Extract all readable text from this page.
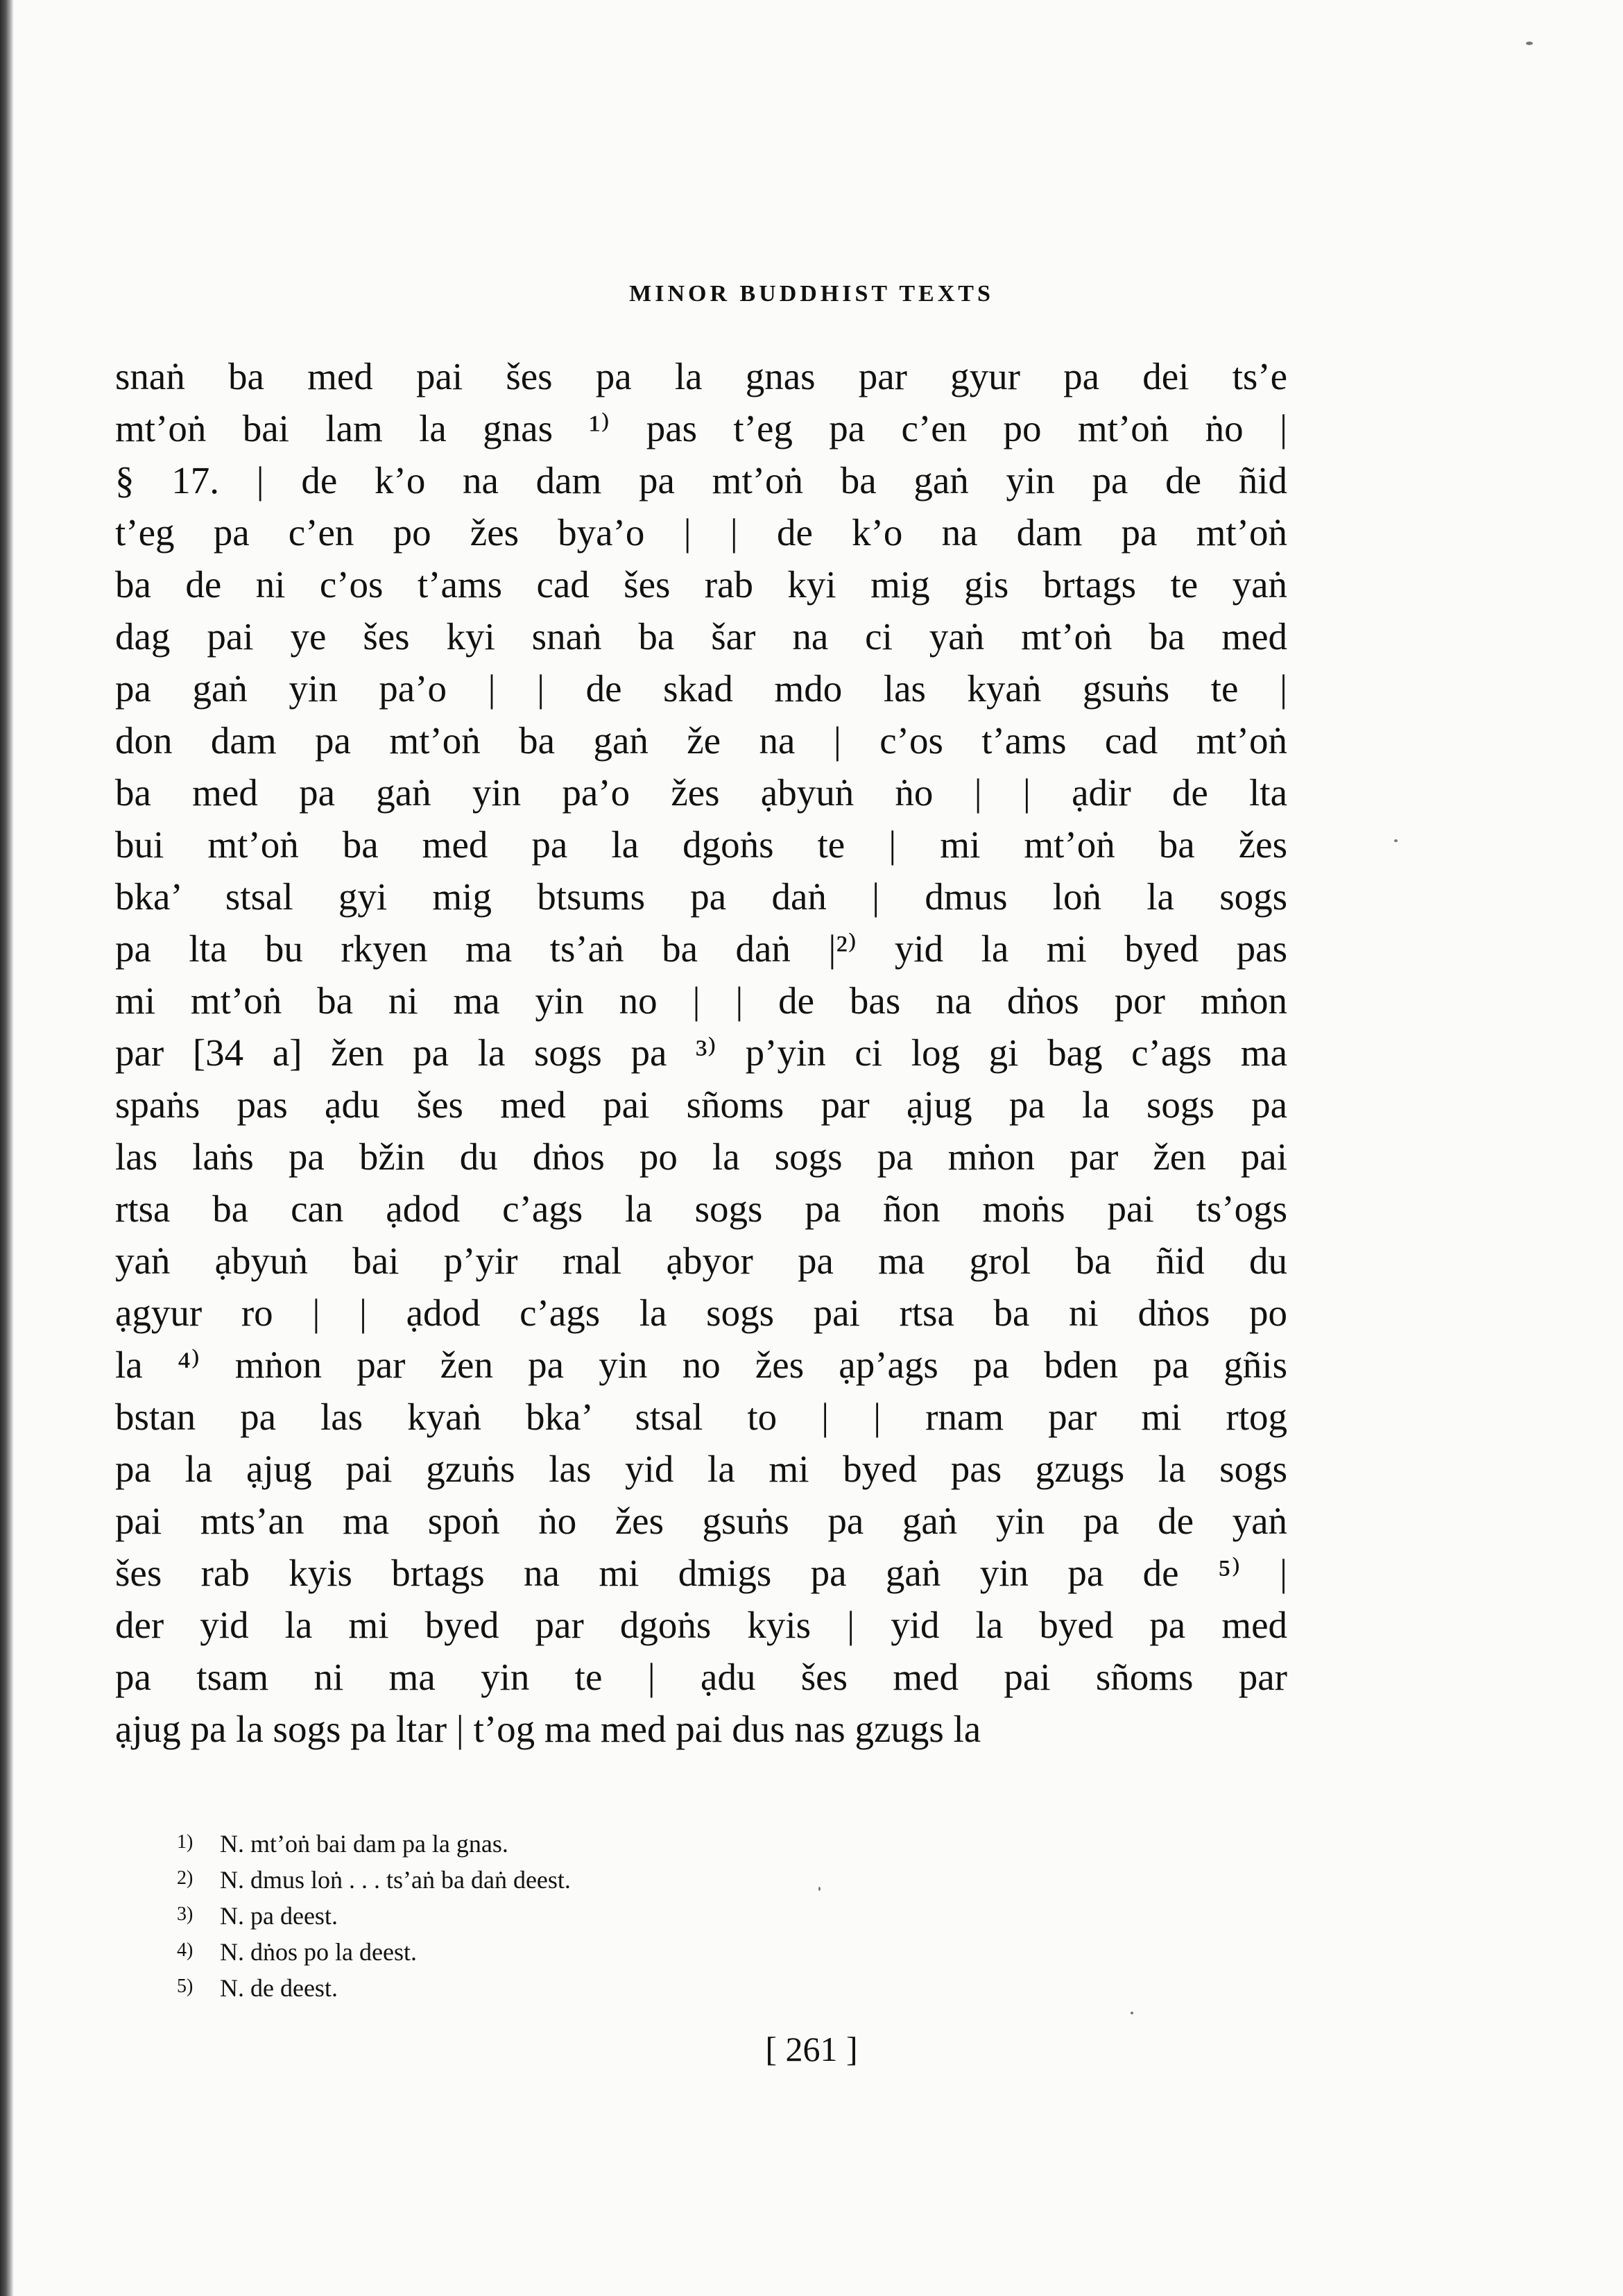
MINOR BUDDHIST TEXTS
snaṅ ba med pai šes pa la gnas par gyur pa dei ts’e
mt’oṅ bai lam la gnas ¹⁾ pas t’eg pa c’en po mt’oṅ ṅo |
§ 17. | de k’o na dam pa mt’oṅ ba gaṅ yin pa de ñid
t’eg pa c’en po žes bya’o | | de k’o na dam pa mt’oṅ
ba de ni c’os t’ams cad šes rab kyi mig gis brtags te yaṅ
dag pai ye šes kyi snaṅ ba šar na ci yaṅ mt’oṅ ba med
pa gaṅ yin pa’o | | de skad mdo las kyaṅ gsuṅs te |
don dam pa mt’oṅ ba gaṅ že na | c’os t’ams cad mt’oṅ
ba med pa gaṅ yin pa’o žes ạbyuṅ ṅo | | ạdir de lta
bui mt’oṅ ba med pa la dgoṅs te | mi mt’oṅ ba žes
bka’ stsal gyi mig btsums pa daṅ | dmus loṅ la sogs
pa lta bu rkyen ma ts’aṅ ba daṅ |²⁾ yid la mi byed pas
mi mt’oṅ ba ni ma yin no | | de bas na dṅos por mṅon
par [34 a] žen pa la sogs pa ³⁾ p’yin ci log gi bag c’ags ma
spaṅs pas ạdu šes med pai sñoms par ạjug pa la sogs pa
las laṅs pa bžin du dṅos po la sogs pa mṅon par žen pai
rtsa ba can ạdod c’ags la sogs pa ñon moṅs pai ts’ogs
yaṅ ạbyuṅ bai p’yir rnal ạbyor pa ma grol ba ñid du
ạgyur ro | | ạdod c’ags la sogs pai rtsa ba ni dṅos po
la ⁴⁾ mṅon par žen pa yin no žes ạp’ags pa bden pa gñis
bstan pa las kyaṅ bka’ stsal to | | rnam par mi rtog
pa la ạjug pai gzuṅs las yid la mi byed pas gzugs la sogs
pai mts’an ma spoṅ ṅo žes gsuṅs pa gaṅ yin pa de yaṅ
šes rab kyis brtags na mi dmigs pa gaṅ yin pa de ⁵⁾ |
der yid la mi byed par dgoṅs kyis | yid la byed pa med
pa tsam ni ma yin te | ạdu šes med pai sñoms par
ạjug pa la sogs pa ltar | t’og ma med pai dus nas gzugs la
1) N. mt’oṅ bai dam pa la gnas.
2) N. dmus loṅ . . . ts’aṅ ba daṅ deest.
3) N. pa deest.
4) N. dṅos po la deest.
5) N. de deest.
[ 261 ]
